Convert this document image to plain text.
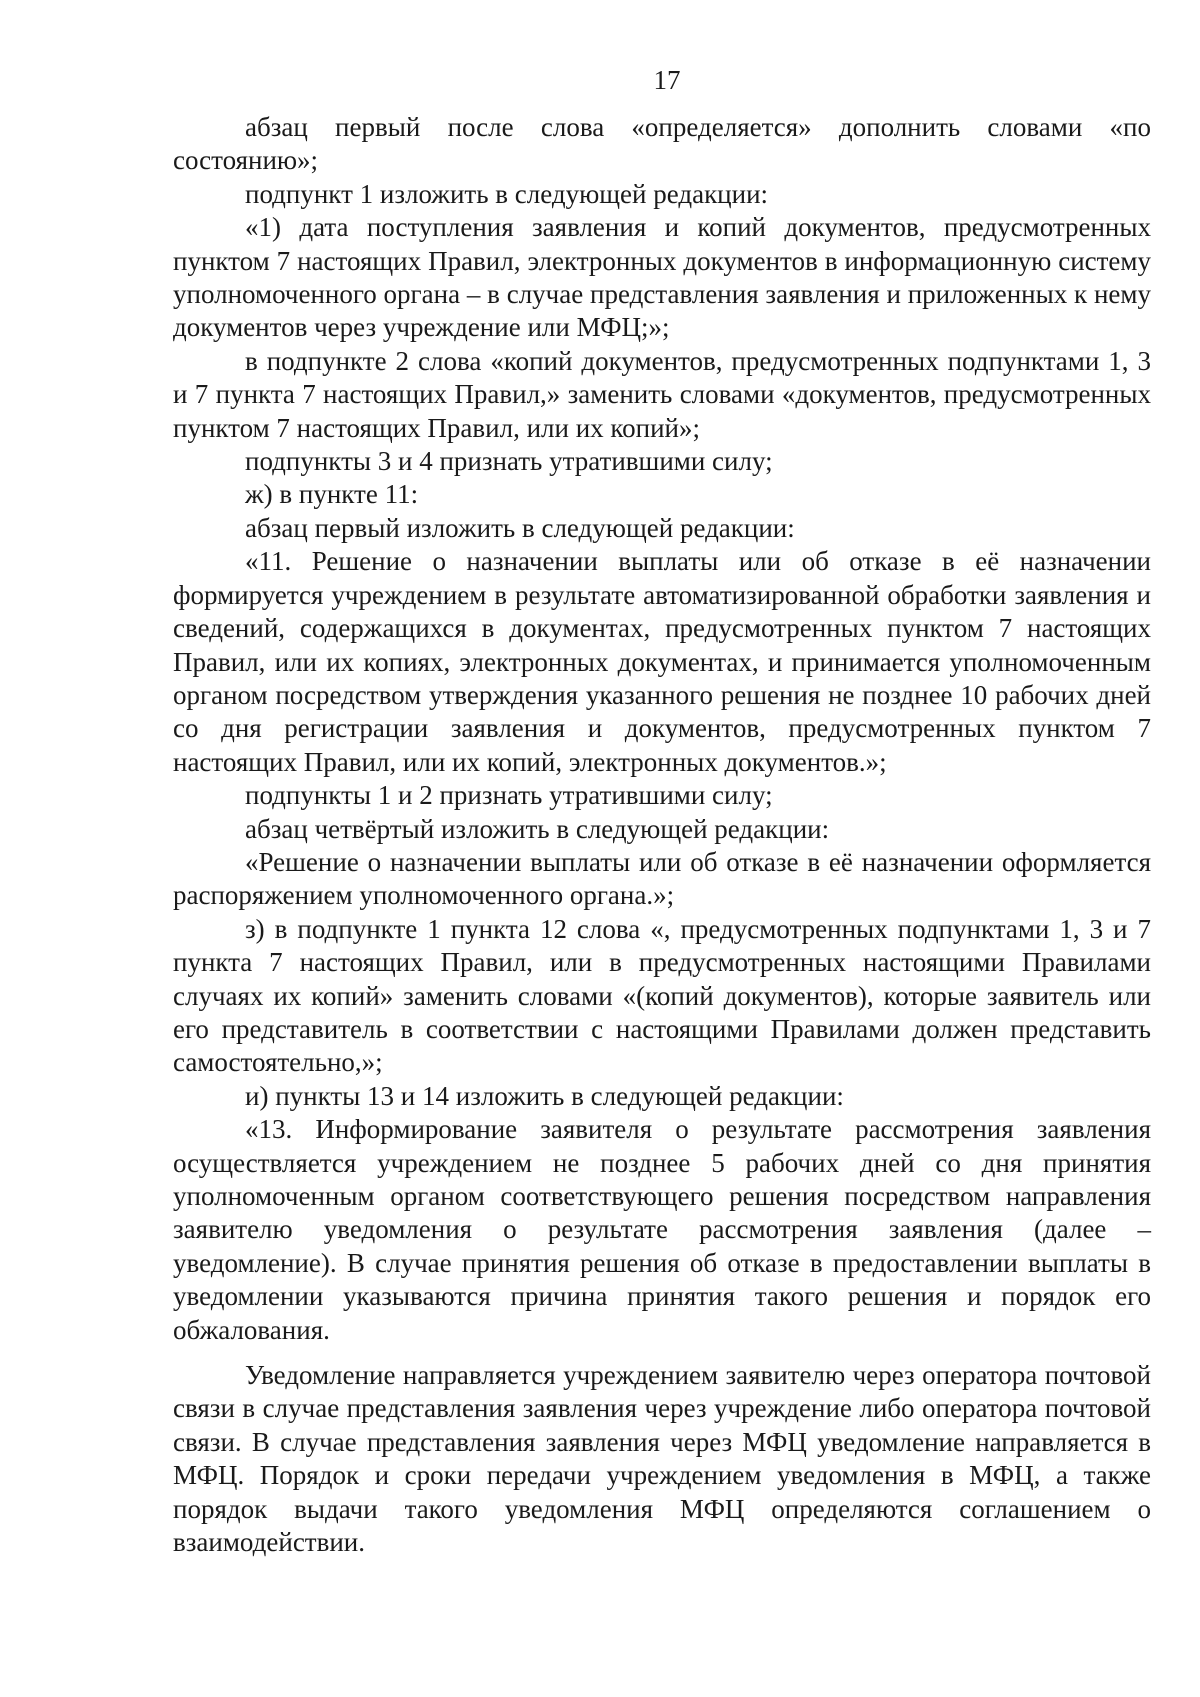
17

абзац первый после слова «определяется» дополнить словами «по состоянию»;

подпункт 1 изложить в следующей редакции:

«1) дата поступления заявления и копий документов, предусмотренных пунктом 7 настоящих Правил, электронных документов в информационную систему уполномоченного органа – в случае представления заявления и приложенных к нему документов через учреждение или МФЦ;»;

в подпункте 2 слова «копий документов, предусмотренных подпунктами 1, 3 и 7 пункта 7 настоящих Правил,» заменить словами «документов, предусмотренных пунктом 7 настоящих Правил, или их копий»;

подпункты 3 и 4 признать утратившими силу;

ж) в пункте 11:

абзац первый изложить в следующей редакции:

«11. Решение о назначении выплаты или об отказе в её назначении формируется учреждением в результате автоматизированной обработки заявления и сведений, содержащихся в документах, предусмотренных пунктом 7 настоящих Правил, или их копиях, электронных документах, и принимается уполномоченным органом посредством утверждения указанного решения не позднее 10 рабочих дней со дня регистрации заявления и документов, предусмотренных пунктом 7 настоящих Правил, или их копий, электронных документов.»;

подпункты 1 и 2 признать утратившими силу;

абзац четвёртый изложить в следующей редакции:

«Решение о назначении выплаты или об отказе в её назначении оформляется распоряжением уполномоченного органа.»;

з) в подпункте 1 пункта 12 слова «, предусмотренных подпунктами 1, 3 и 7 пункта 7 настоящих Правил, или в предусмотренных настоящими Правилами случаях их копий» заменить словами «(копий документов), которые заявитель или его представитель в соответствии с настоящими Правилами должен представить самостоятельно,»;

и) пункты 13 и 14 изложить в следующей редакции:

«13. Информирование заявителя о результате рассмотрения заявления осуществляется учреждением не позднее 5 рабочих дней со дня принятия уполномоченным органом соответствующего решения посредством направления заявителю уведомления о результате рассмотрения заявления (далее – уведомление). В случае принятия решения об отказе в предоставлении выплаты в уведомлении указываются причина принятия такого решения и порядок его обжалования.

Уведомление направляется учреждением заявителю через оператора почтовой связи в случае представления заявления через учреждение либо оператора почтовой связи. В случае представления заявления через МФЦ уведомление направляется в МФЦ. Порядок и сроки передачи учреждением уведомления в МФЦ, а также порядок выдачи такого уведомления МФЦ определяются соглашением о взаимодействии.
